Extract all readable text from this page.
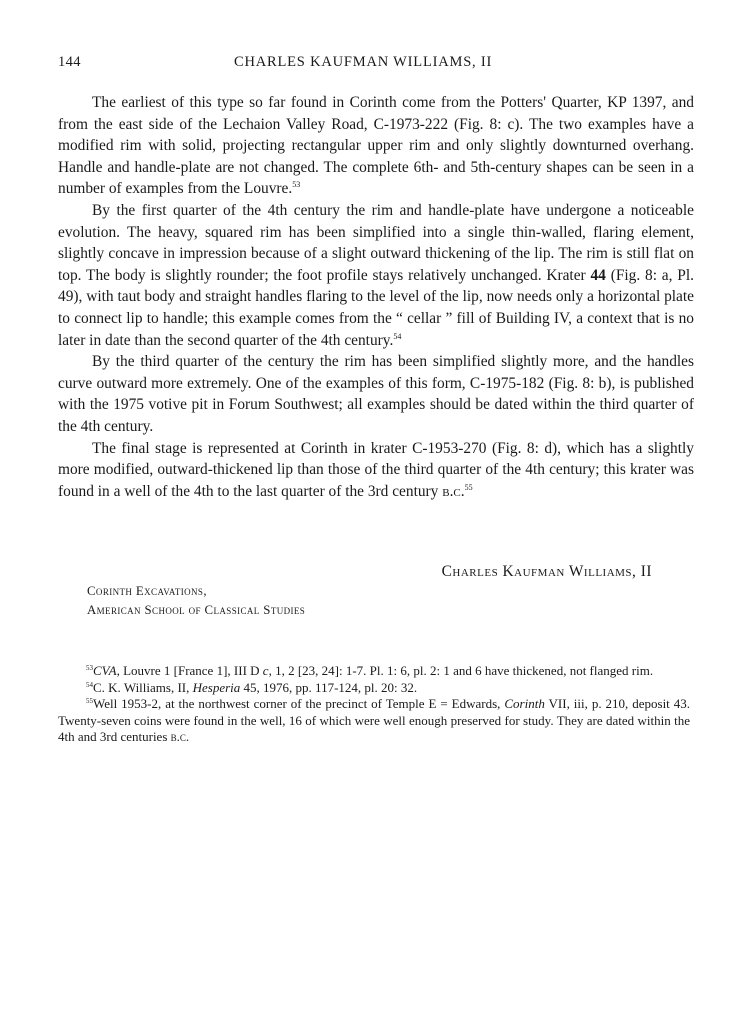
144	CHARLES KAUFMAN WILLIAMS, II

The earliest of this type so far found in Corinth come from the Potters' Quarter, KP 1397, and from the east side of the Lechaion Valley Road, C-1973-222 (Fig. 8: c). The two examples have a modified rim with solid, projecting rectangular upper rim and only slightly downturned overhang. Handle and handle-plate are not changed. The complete 6th- and 5th-century shapes can be seen in a number of examples from the Louvre.$^{53}$

By the first quarter of the 4th century the rim and handle-plate have undergone a noticeable evolution. The heavy, squared rim has been simplified into a single thin-walled, flaring element, slightly concave in impression because of a slight outward thickening of the lip. The rim is still flat on top. The body is slightly rounder; the foot profile stays relatively unchanged. Krater 44 (Fig. 8: a, Pl. 49), with taut body and straight handles flaring to the level of the lip, now needs only a horizontal plate to connect lip to handle; this example comes from the “ cellar ” fill of Building IV, a context that is no later in date than the second quarter of the 4th century.$^{54}$

By the third quarter of the century the rim has been simplified slightly more, and the handles curve outward more extremely. One of the examples of this form, C-1975-182 (Fig. 8: b), is published with the 1975 votive pit in Forum Southwest; all examples should be dated within the third quarter of the 4th century.

The final stage is represented at Corinth in krater C-1953-270 (Fig. 8: d), which has a slightly more modified, outward-thickened lip than those of the third quarter of the 4th century; this krater was found in a well of the 4th to the last quarter of the 3rd century b.c.$^{55}$

Charles Kaufman Williams, II
Corinth Excavations,
American School of Classical Studies

$^{53}$CVA, Louvre 1 [France 1], III D c, 1, 2 [23, 24]: 1-7. Pl. 1: 6, pl. 2: 1 and 6 have thickened, not flanged rim.

$^{54}$C. K. Williams, II, Hesperia 45, 1976, pp. 117-124, pl. 20: 32.

$^{55}$Well 1953-2, at the northwest corner of the precinct of Temple E = Edwards, Corinth VII, iii, p. 210, deposit 43. Twenty-seven coins were found in the well, 16 of which were well enough preserved for study. They are dated within the 4th and 3rd centuries b.c.
